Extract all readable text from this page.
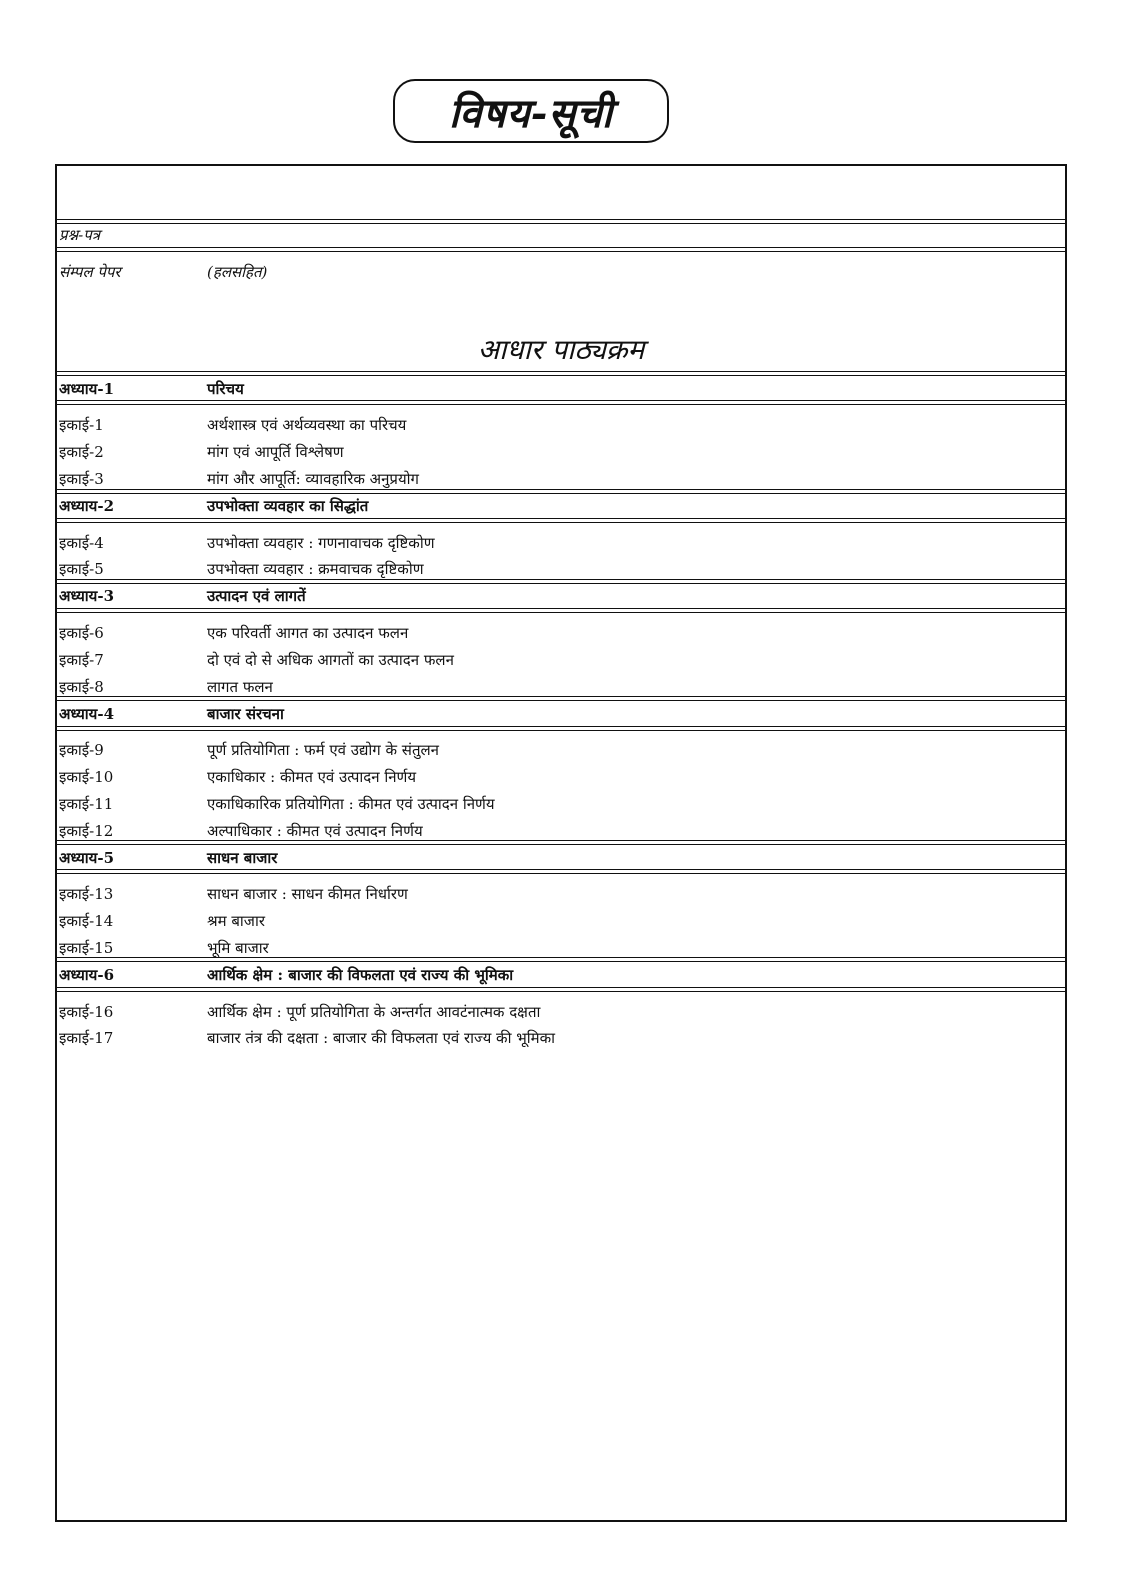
विषय-सूची
प्रश्न-पत्र
संम्पल पेपर	(हलसहित)
आधार पाठ्यक्रम
अध्याय-1	परिचय
इकाई-1	अर्थशास्त्र एवं अर्थव्यवस्था का परिचय
इकाई-2	मांग एवं आपूर्ति विश्लेषण
इकाई-3	मांग और आपूर्ति: व्यावहारिक अनुप्रयोग
अध्याय-2	उपभोक्ता व्यवहार का सिद्धांत
इकाई-4	उपभोक्ता व्यवहार : गणनावाचक दृष्टिकोण
इकाई-5	उपभोक्ता व्यवहार : क्रमवाचक दृष्टिकोण
अध्याय-3	उत्पादन एवं लागतें
इकाई-6	एक परिवर्ती आगत का उत्पादन फलन
इकाई-7	दो एवं दो से अधिक आगतों का उत्पादन फलन
इकाई-8	लागत फलन
अध्याय-4	बाजार संरचना
इकाई-9	पूर्ण प्रतियोगिता : फर्म एवं उद्योग के संतुलन
इकाई-10	एकाधिकार : कीमत एवं उत्पादन निर्णय
इकाई-11	एकाधिकारिक प्रतियोगिता : कीमत एवं उत्पादन निर्णय
इकाई-12	अल्पाधिकार : कीमत एवं उत्पादन निर्णय
अध्याय-5	साधन बाजार
इकाई-13	साधन बाजार : साधन कीमत निर्धारण
इकाई-14	श्रम बाजार
इकाई-15	भूमि बाजार
अध्याय-6	आर्थिक क्षेम : बाजार की विफलता एवं राज्य की भूमिका
इकाई-16	आर्थिक क्षेम : पूर्ण प्रतियोगिता के अन्तर्गत आवटंनात्मक दक्षता
इकाई-17	बाजार तंत्र की दक्षता : बाजार की विफलता एवं राज्य की भूमिका
